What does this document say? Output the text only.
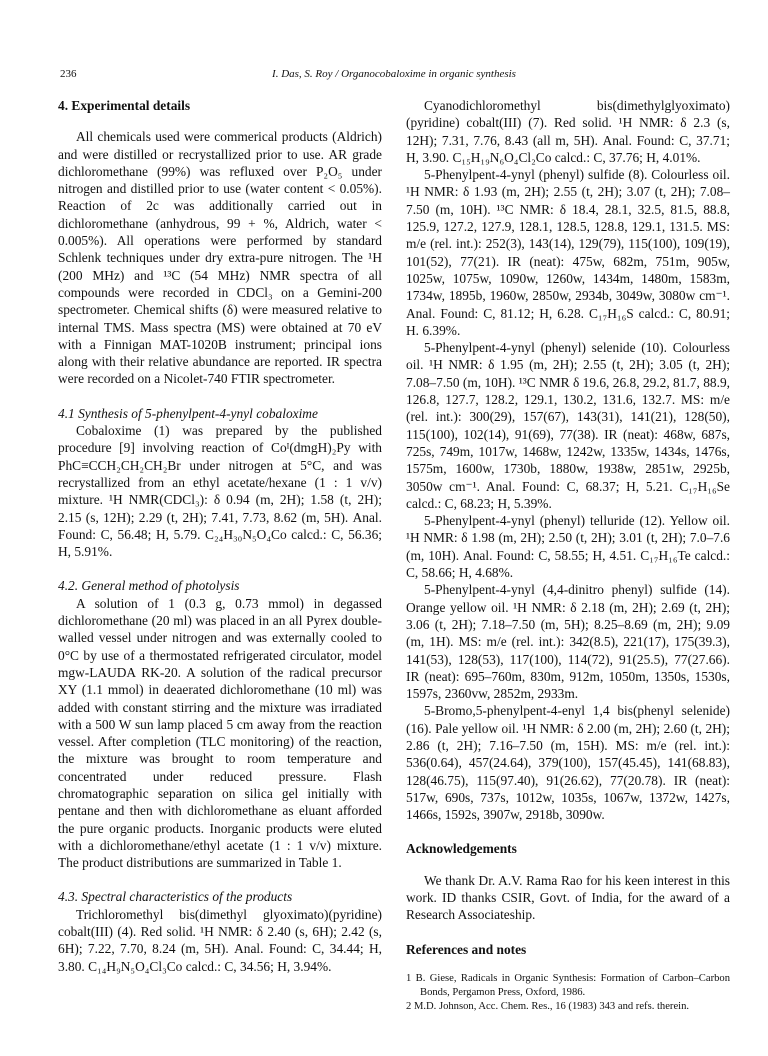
236	I. Das, S. Roy / Organocobaloxime in organic synthesis
4. Experimental details

All chemicals used were commerical products (Aldrich) and were distilled or recrystallized prior to use. AR grade dichloromethane (99%) was refluxed over P₂O₅ under nitrogen and distilled prior to use (water content < 0.05%). Reaction of 2c was additionally carried out in dichloromethane (anhydrous, 99 + %, Aldrich, water < 0.005%). All operations were performed by standard Schlenk techniques under dry extra-pure nitrogen. The ¹H (200 MHz) and ¹³C (54 MHz) NMR spectra of all compounds were recorded in CDCl₃ on a Gemini-200 spectrometer. Chemical shifts (δ) were measured relative to internal TMS. Mass spectra (MS) were obtained at 70 eV with a Finnigan MAT-1020B instrument; principal ions along with their relative abundance are reported. IR spectra were recorded on a Nicolet-740 FTIR spectrometer.

4.1 Synthesis of 5-phenylpent-4-ynyl cobaloxime

Cobaloxime (1) was prepared by the published procedure [9] involving reaction of Coᴵ(dmgH)₂Py with PhC≡CCH₂CH₂CH₂Br under nitrogen at 5°C, and was recrystallized from an ethyl acetate/hexane (1 : 1 v/v) mixture. ¹H NMR(CDCl₃): δ 0.94 (m, 2H); 1.58 (t, 2H); 2.15 (s, 12H); 2.29 (t, 2H); 7.41, 7.73, 8.62 (m, 5H). Anal. Found: C, 56.48; H, 5.79. C₂₄H₃₀N₅O₄Co calcd.: C, 56.36; H, 5.91%.

4.2. General method of photolysis

A solution of 1 (0.3 g, 0.73 mmol) in degassed dichloromethane (20 ml) was placed in an all Pyrex double-walled vessel under nitrogen and was externally cooled to 0°C by use of a thermostated refrigerated circulator, model mgw-LAUDA RK-20. A solution of the radical precursor XY (1.1 mmol) in deaerated dichloromethane (10 ml) was added with constant stirring and the mixture was irradiated with a 500 W sun lamp placed 5 cm away from the reaction vessel. After completion (TLC monitoring) of the reaction, the mixture was brought to room temperature and concentrated under reduced pressure. Flash chromatographic separation on silica gel initially with pentane and then with dichloromethane as eluant afforded the pure organic products. Inorganic products were eluted with a dichloromethane/ethyl acetate (1 : 1 v/v) mixture. The product distributions are summarized in Table 1.

4.3. Spectral characteristics of the products

Trichloromethyl bis(dimethyl glyoximato)(pyridine) cobalt(III) (4). Red solid. ¹H NMR: δ 2.40 (s, 6H); 2.42 (s, 6H); 7.22, 7.70, 8.24 (m, 5H). Anal. Found: C, 34.44; H, 3.80. C₁₄H₉N₅O₄Cl₃Co calcd.: C, 34.56; H, 3.94%.

Cyanodichloromethyl bis(dimethylglyoximato)(pyridine) cobalt(III) (7). Red solid. ¹H NMR: δ 2.3 (s, 12H); 7.31, 7.76, 8.43 (all m, 5H). Anal. Found: C, 37.71; H, 3.90. C₁₅H₁₉N₆O₄Cl₂Co calcd.: C, 37.76; H, 4.01%.

5-Phenylpent-4-ynyl (phenyl) sulfide (8). Colourless oil. ¹H NMR: δ 1.93 (m, 2H); 2.55 (t, 2H); 3.07 (t, 2H); 7.08–7.50 (m, 10H). ¹³C NMR: δ 18.4, 28.1, 32.5, 81.5, 88.8, 125.9, 127.2, 127.9, 128.1, 128.5, 128.8, 129.1, 131.5. MS: m/e (rel. int.): 252(3), 143(14), 129(79), 115(100), 109(19), 101(52), 77(21). IR (neat): 475w, 682m, 751m, 905w, 1025w, 1075w, 1090w, 1260w, 1434m, 1480m, 1583m, 1734w, 1895b, 1960w, 2850w, 2934b, 3049w, 3080w cm⁻¹. Anal. Found: C, 81.12; H, 6.28. C₁₇H₁₆S calcd.: C, 80.91; H. 6.39%.

5-Phenylpent-4-ynyl (phenyl) selenide (10). Colourless oil. ¹H NMR: δ 1.95 (m, 2H); 2.55 (t, 2H); 3.05 (t, 2H); 7.08–7.50 (m, 10H). ¹³C NMR δ 19.6, 26.8, 29.2, 81.7, 88.9, 126.8, 127.7, 128.2, 129.1, 130.2, 131.6, 132.7. MS: m/e (rel. int.): 300(29), 157(67), 143(31), 141(21), 128(50), 115(100), 102(14), 91(69), 77(38). IR (neat): 468w, 687s, 725s, 749m, 1017w, 1468w, 1242w, 1335w, 1434s, 1476s, 1575m, 1600w, 1730b, 1880w, 1938w, 2851w, 2925b, 3050w cm⁻¹. Anal. Found: C, 68.37; H, 5.21. C₁₇H₁₆Se calcd.: C, 68.23; H, 5.39%.

5-Phenylpent-4-ynyl (phenyl) telluride (12). Yellow oil. ¹H NMR: δ 1.98 (m, 2H); 2.50 (t, 2H); 3.01 (t, 2H); 7.0–7.6 (m, 10H). Anal. Found: C, 58.55; H, 4.51. C₁₇H₁₆Te calcd.: C, 58.66; H, 4.68%.

5-Phenylpent-4-ynyl (4,4-dinitro phenyl) sulfide (14). Orange yellow oil. ¹H NMR: δ 2.18 (m, 2H); 2.69 (t, 2H); 3.06 (t, 2H); 7.18–7.50 (m, 5H); 8.25–8.69 (m, 2H); 9.09 (m, 1H). MS: m/e (rel. int.): 342(8.5), 221(17), 175(39.3), 141(53), 128(53), 117(100), 114(72), 91(25.5), 77(27.66). IR (neat): 695–760m, 830m, 912m, 1050m, 1350s, 1530s, 1597s, 2360vw, 2852m, 2933m.

5-Bromo,5-phenylpent-4-enyl 1,4 bis(phenyl selenide) (16). Pale yellow oil. ¹H NMR: δ 2.00 (m, 2H); 2.60 (t, 2H); 2.86 (t, 2H); 7.16–7.50 (m, 15H). MS: m/e (rel. int.): 536(0.64), 457(24.64), 379(100), 157(45.45), 141(68.83), 128(46.75), 115(97.40), 91(26.62), 77(20.78). IR (neat): 517w, 690s, 737s, 1012w, 1035s, 1067w, 1372w, 1427s, 1466s, 1592s, 3907w, 2918b, 3090w.

Acknowledgements

We thank Dr. A.V. Rama Rao for his keen interest in this work. ID thanks CSIR, Govt. of India, for the award of a Research Associateship.

References and notes

1 B. Giese, Radicals in Organic Synthesis: Formation of Carbon–Carbon Bonds, Pergamon Press, Oxford, 1986.

2 M.D. Johnson, Acc. Chem. Res., 16 (1983) 343 and refs. therein.
